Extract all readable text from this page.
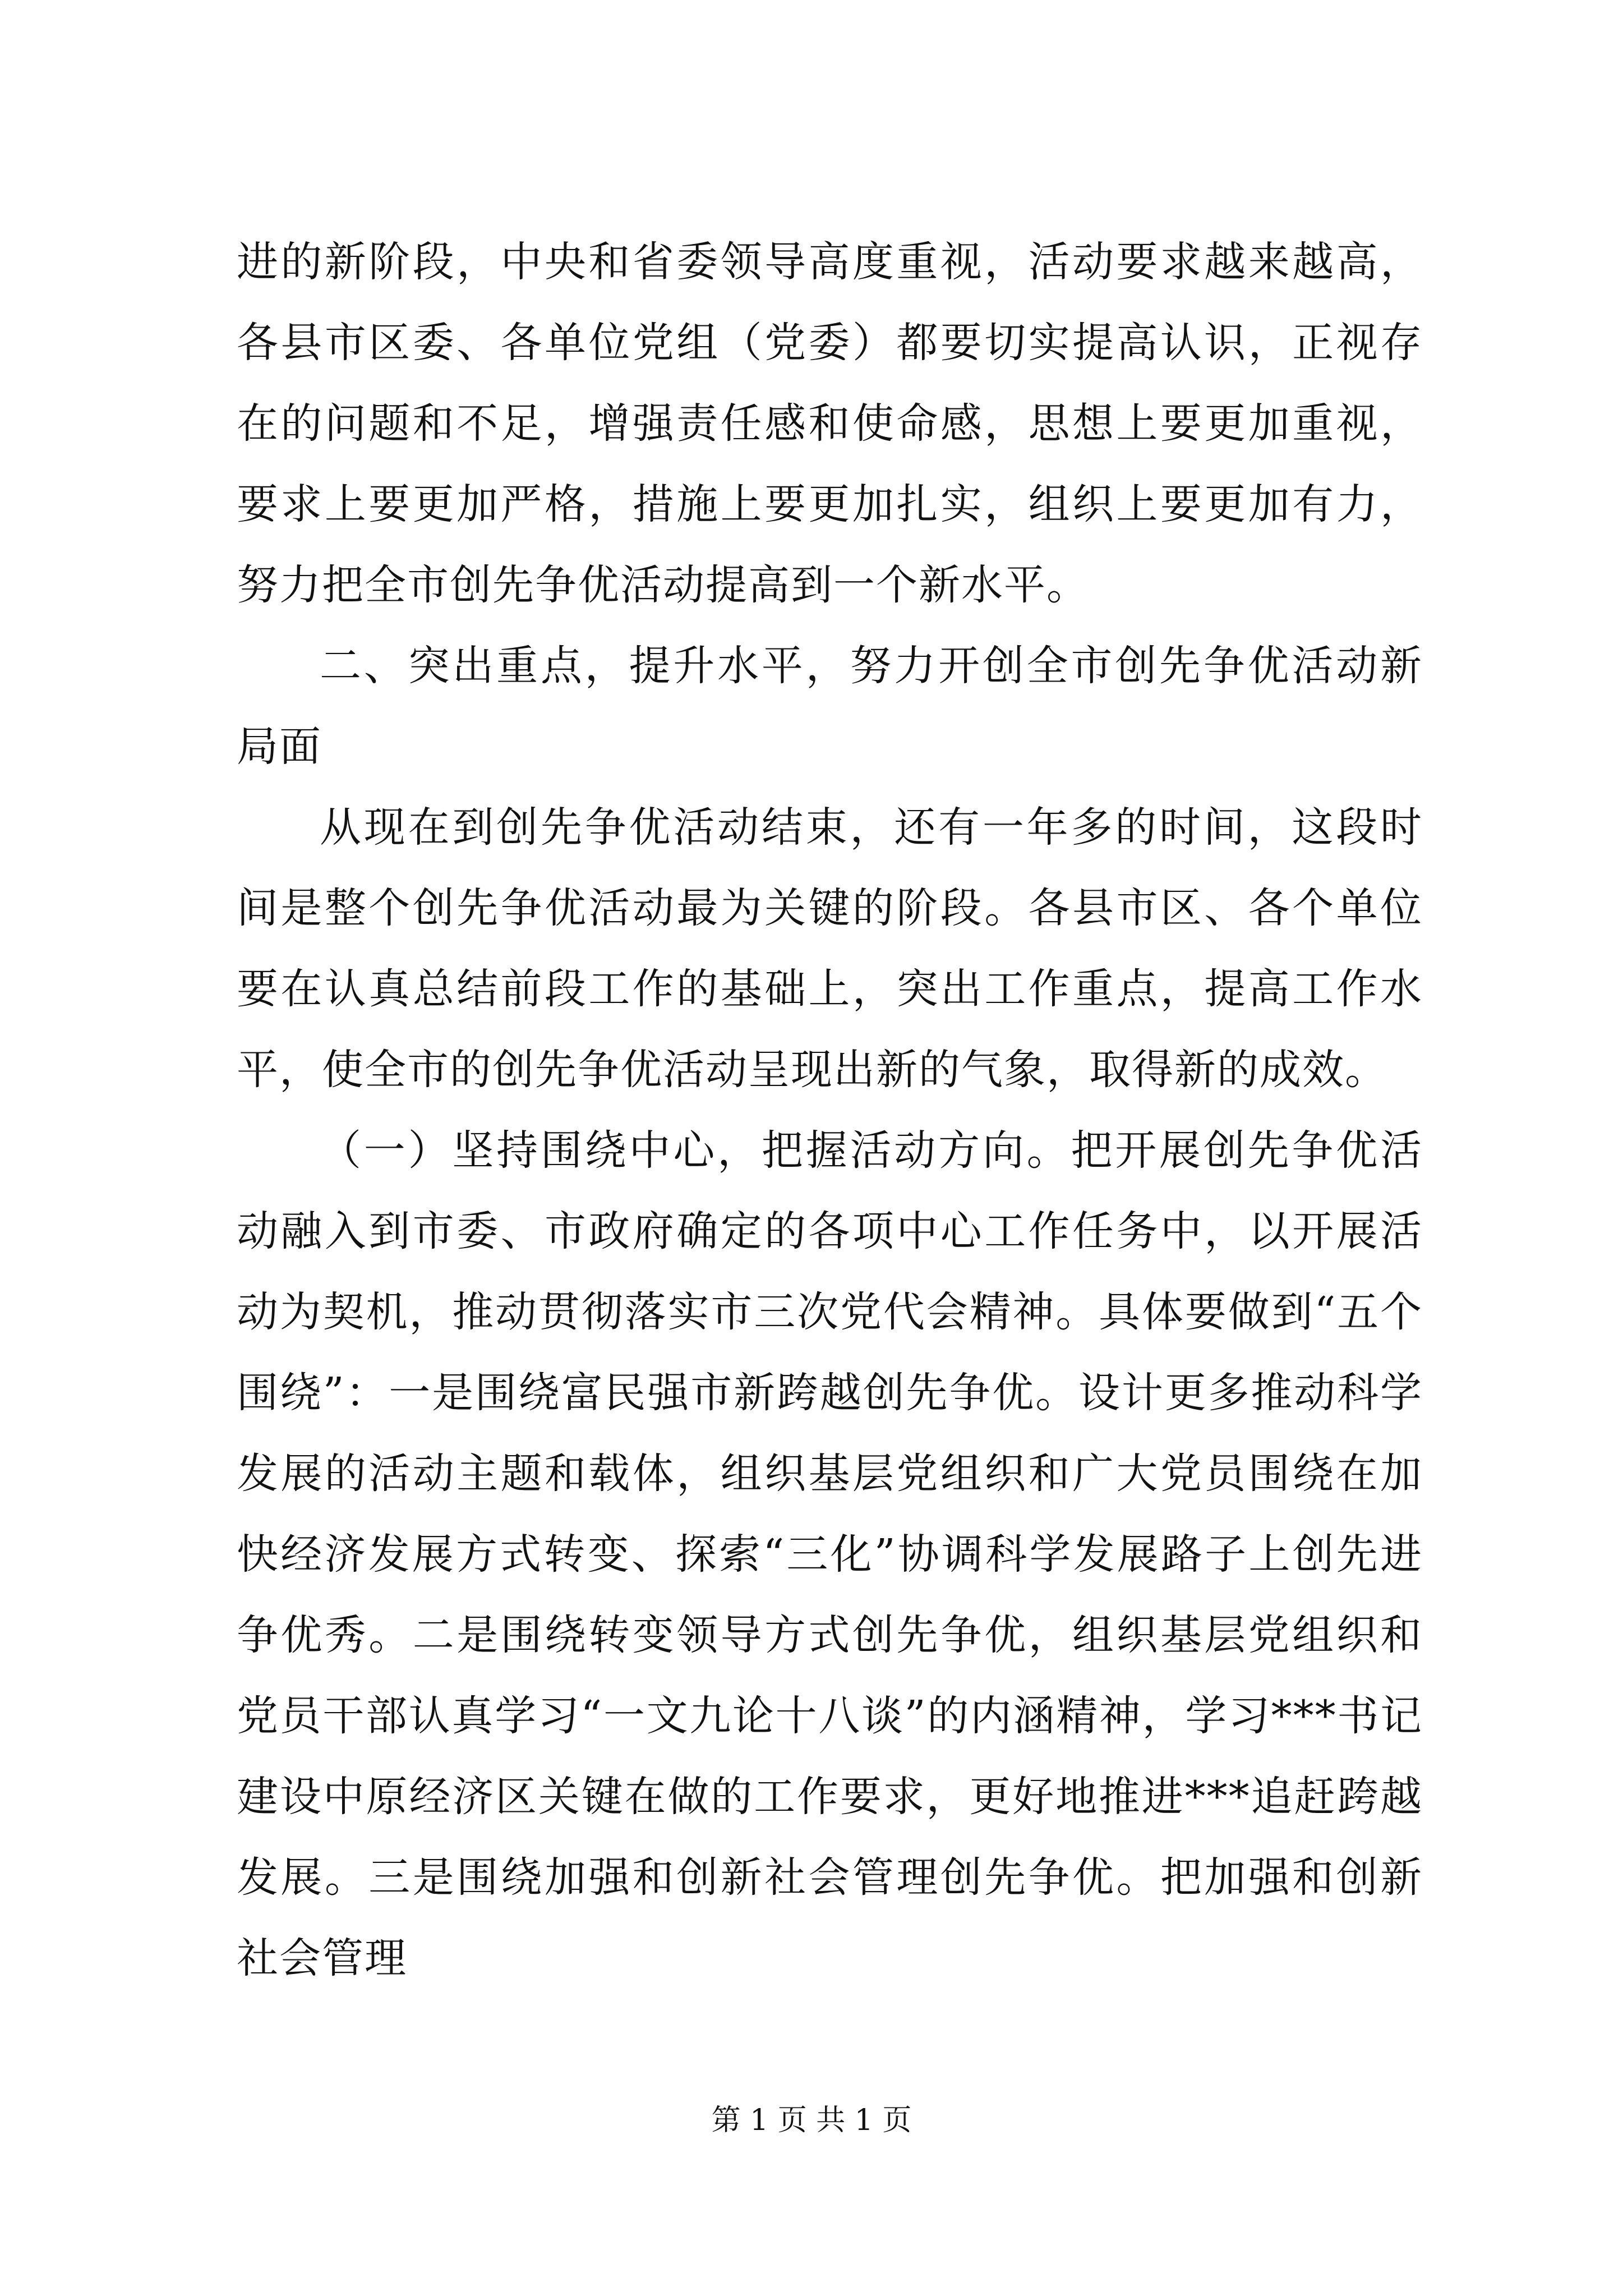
进的新阶段，中央和省委领导高度重视，活动要求越来越高，各县市区委、各单位党组（党委）都要切实提高认识，正视存在的问题和不足，增强责任感和使命感，思想上要更加重视，要求上要更加严格，措施上要更加扎实，组织上要更加有力，努力把全市创先争优活动提高到一个新水平。

二、突出重点，提升水平，努力开创全市创先争优活动新局面

从现在到创先争优活动结束，还有一年多的时间，这段时间是整个创先争优活动最为关键的阶段。各县市区、各个单位要在认真总结前段工作的基础上，突出工作重点，提高工作水平，使全市的创先争优活动呈现出新的气象，取得新的成效。

（一）坚持围绕中心，把握活动方向。把开展创先争优活动融入到市委、市政府确定的各项中心工作任务中，以开展活动为契机，推动贯彻落实市三次党代会精神。具体要做到“五个围绕”：一是围绕富民强市新跨越创先争优。设计更多推动科学发展的活动主题和载体，组织基层党组织和广大党员围绕在加快经济发展方式转变、探索“三化”协调科学发展路子上创先进争优秀。二是围绕转变领导方式创先争优，组织基层党组织和党员干部认真学习“一文九论十八谈”的内涵精神，学习***书记建设中原经济区关键在做的工作要求，更好地推进***追赶跨越发展。三是围绕加强和创新社会管理创先争优。把加强和创新社会管理

第 1 页 共 1 页
